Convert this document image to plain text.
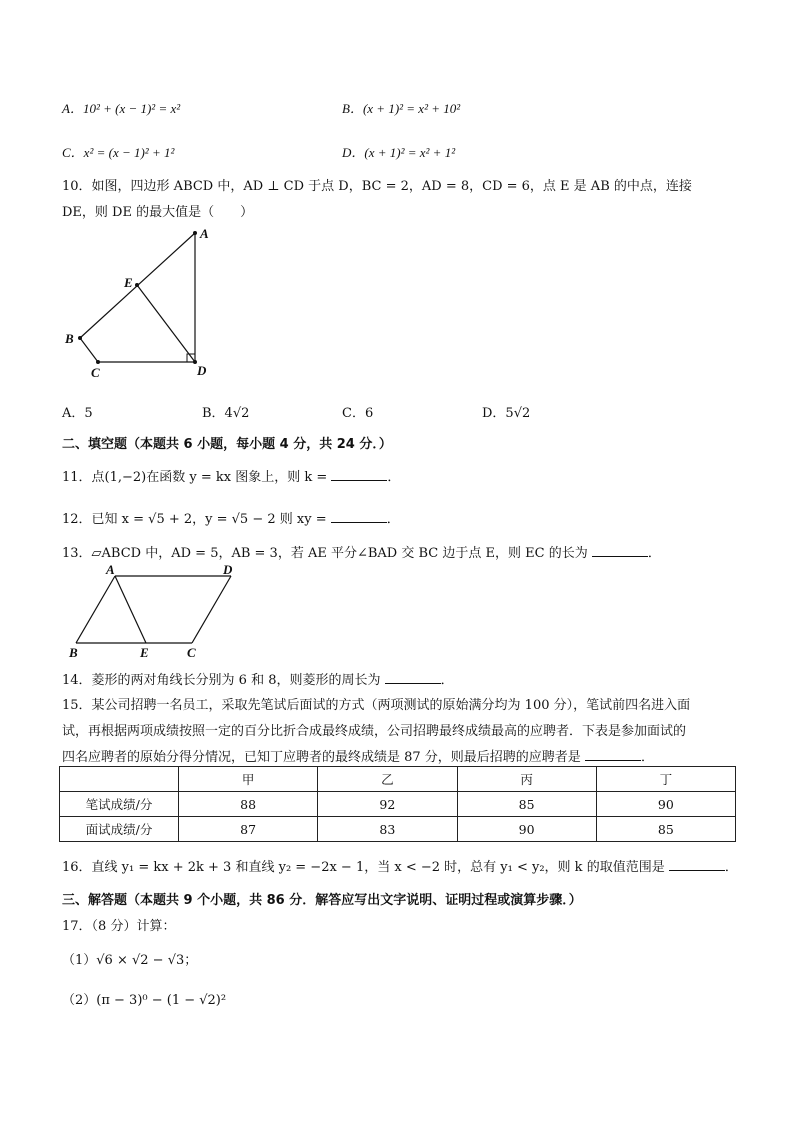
A．10² + (x − 1)² = x²	B．(x + 1)² = x² + 10²
C．x² = (x − 1)² + 1²	D．(x + 1)² = x² + 1²
10．如图，四边形 ABCD 中，AD ⊥ CD 于点 D，BC = 2，AD = 8，CD = 6，点 E 是 AB 的中点，连接
DE，则 DE 的最大值是（　　）
A
E
B
C	D
A．5	B．4√2	C．6	D．5√2
二、填空题（本题共 6 小题，每小题 4 分，共 24 分．）
11．点(1,−2)在函数 y = kx 图象上，则 k =	．
12．已知 x = √5 + 2，y = √5 − 2 则 xy =	．
13．▱ABCD 中，AD = 5，AB = 3，若 AE 平分∠BAD 交 BC 边于点 E，则 EC 的长为	．
A	D
B	E	C
14．菱形的两对角线长分别为 6 和 8，则菱形的周长为	．
15．某公司招聘一名员工，采取先笔试后面试的方式（两项测试的原始满分均为 100 分），笔试前四名进入面
试，再根据两项成绩按照一定的百分比折合成最终成绩，公司招聘最终成绩最高的应聘者．下表是参加面试的
四名应聘者的原始分得分情况，已知丁应聘者的最终成绩是 87 分，则最后招聘的应聘者是	．
	甲	乙	丙	丁
笔试成绩/分	88	92	85	90
面试成绩/分	87	83	90	85
16．直线 y₁ = kx + 2k + 3 和直线 y₂ = −2x − 1，当 x < −2 时，总有 y₁ < y₂，则 k 的取值范围是	．
三、解答题（本题共 9 个小题，共 86 分．解答应写出文字说明、证明过程或演算步骤．）
17．（8 分）计算：
（1）√6 × √2 − √3；
（2）(π − 3)⁰ − (1 − √2)²
